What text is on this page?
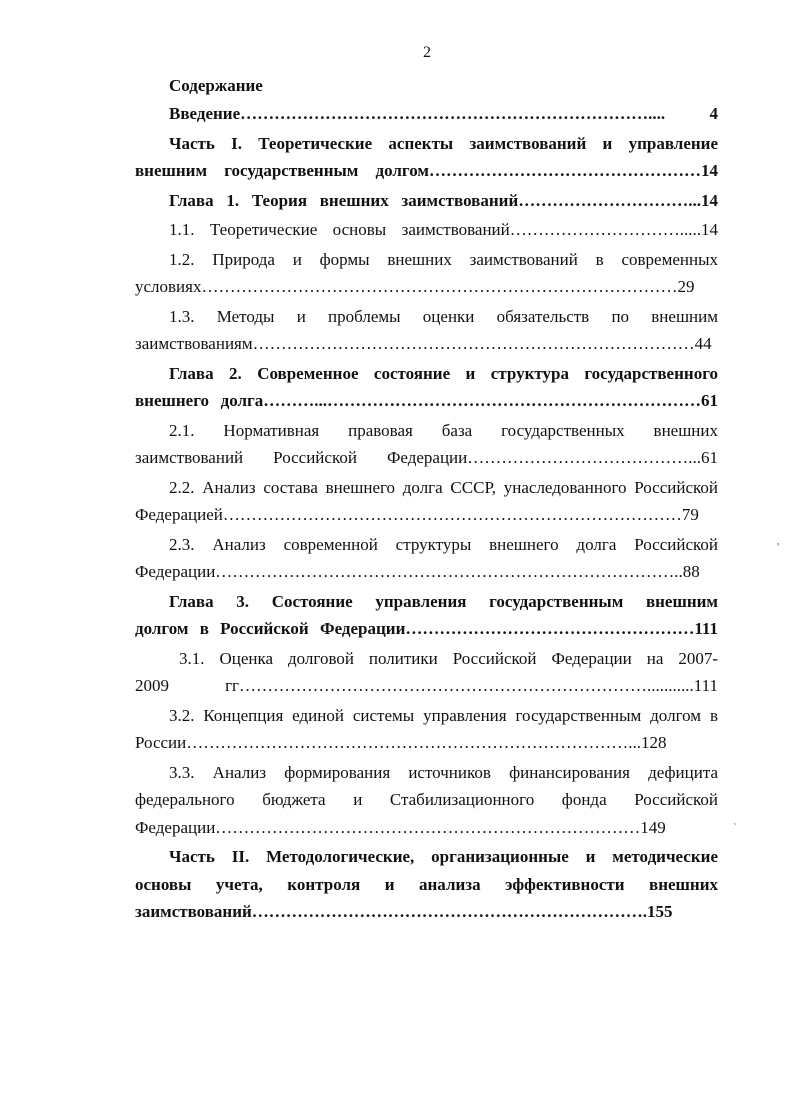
2
Содержание
Введение……………………………………………………………….... 4
Часть I. Теоретические аспекты заимствований и управление
внешним государственным долгом…………………………………………14
Глава 1. Теория внешних заимствований…………………………...14
1.1. Теоретические основы заимствований………………………….....14
1.2. Природа и формы внешних заимствований в современных
условиях…………………………………………………………………………29
1.3. Методы и проблемы оценки обязательств по внешним
заимствованиям……………………………………………………………………44
Глава 2. Современное состояние и структура государственного
внешнего долга………...…………………………………………………………61
2.1. Нормативная правовая база государственных внешних
заимствований Российской Федерации…………………………………...61
2.2. Анализ состава внешнего долга СССР, унаследованного Российской
Федерацией………………………………………………………………………79
2.3. Анализ современной структуры внешнего долга Российской
Федерации………………………………………………………………………..88
Глава 3. Состояние управления государственным внешним
долгом в Российской Федерации……………………………………………111
3.1. Оценка долговой политики Российской Федерации на 2007-
2009 гг………………………………………………………………...........111
3.2. Концепция единой системы управления государственным долгом в
России……………………………………………………………………...128
3.3. Анализ формирования источников финансирования дефицита
федерального бюджета и Стабилизационного фонда Российской
Федерации…………………………………………………………………149
Часть II. Методологические, организационные и методические
основы учета, контроля и анализа эффективности внешних
заимствований…………………………………………………………….155
ʼ
˴
